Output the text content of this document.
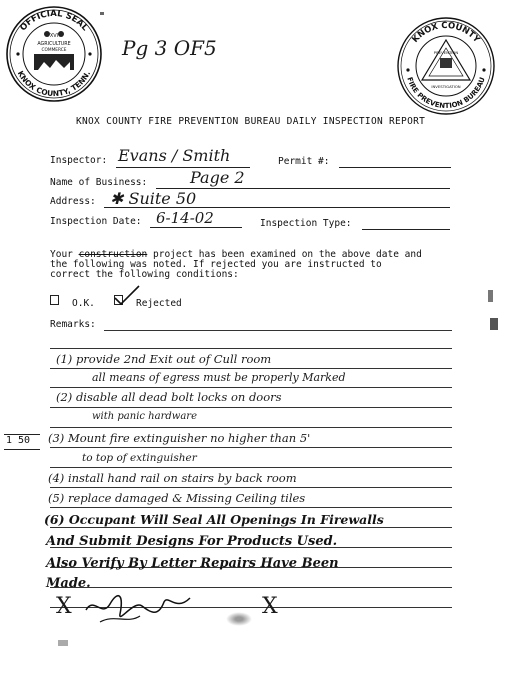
OFFICIAL SEAL
KNOX COUNTY, TENN.
XVI
AGRICULTURE
COMMERCE
KNOX COUNTY
FIRE PREVENTION BUREAU
PREVENTION
INVESTIGATION
Pg 3 OF5
KNOX COUNTY FIRE PREVENTION BUREAU DAILY INSPECTION REPORT
Inspector: Evans / Smith	Permit #:
Name of Business:	Page 2
Address: ✱ Suite 50
Inspection Date: 6-14-02	Inspection Type:
Your construction project has been examined on the above date and
the following was noted. If rejected you are instructed to
correct the following conditions:
O.K.	Rejected
Remarks:
1 50
(1) provide 2nd Exit out of Cull room
all means of egress must be properly Marked
(2) disable all dead bolt locks on doors
with panic hardware
(3) Mount fire extinguisher no higher than 5'
to top of extinguisher
(4) install hand rail on stairs by back room
(5) replace damaged & Missing Ceiling tiles
(6) Occupant Will Seal All Openings In Firewalls
And Submit Designs For Products Used.
Also Verify By Letter Repairs Have Been
Made.
X	X
